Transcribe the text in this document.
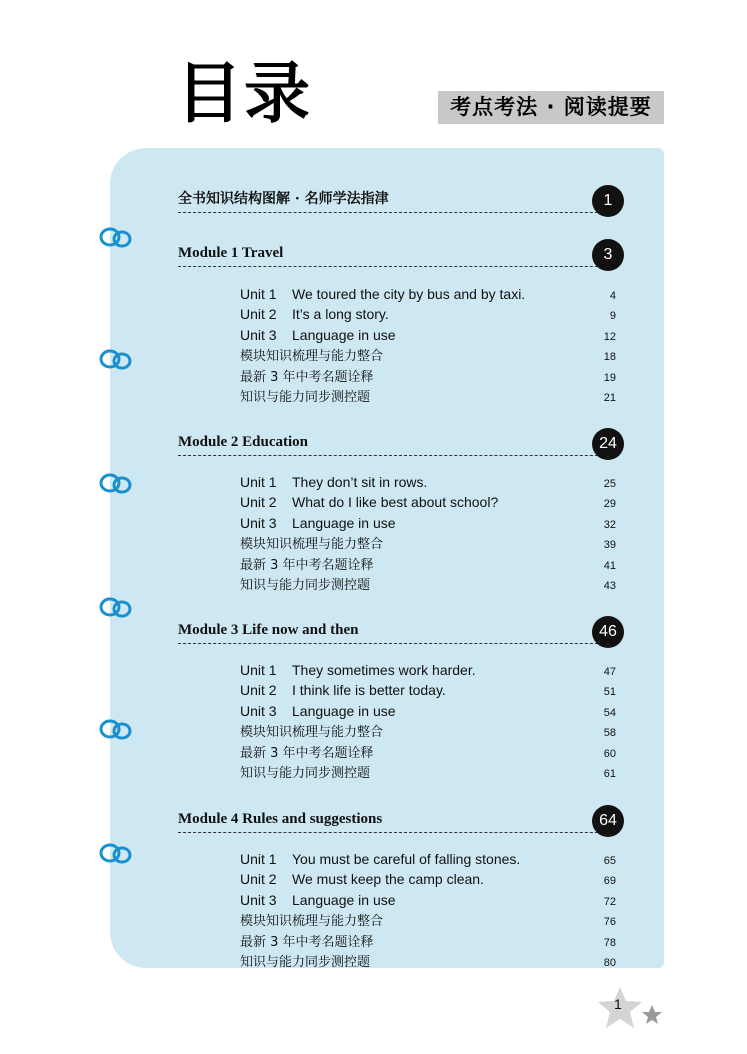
目录	考点考法 · 阅读提要
全书知识结构图解 · 名师学法指津	1
Module 1 Travel	3
Unit 1 We toured the city by bus and by taxi.	4
Unit 2 It’s a long story.	9
Unit 3 Language in use	12
模块知识梳理与能力整合	18
最新 3 年中考名题诠释	19
知识与能力同步测控题	21
Module 2 Education	24
Unit 1 They don’t sit in rows.	25
Unit 2 What do I like best about school?	29
Unit 3 Language in use	32
模块知识梳理与能力整合	39
最新 3 年中考名题诠释	41
知识与能力同步测控题	43
Module 3 Life now and then	46
Unit 1 They sometimes work harder.	47
Unit 2 I think life is better today.	51
Unit 3 Language in use	54
模块知识梳理与能力整合	58
最新 3 年中考名题诠释	60
知识与能力同步测控题	61
Module 4 Rules and suggestions	64
Unit 1 You must be careful of falling stones.	65
Unit 2 We must keep the camp clean.	69
Unit 3 Language in use	72
模块知识梳理与能力整合	76
最新 3 年中考名题诠释	78
知识与能力同步测控题	80
1
